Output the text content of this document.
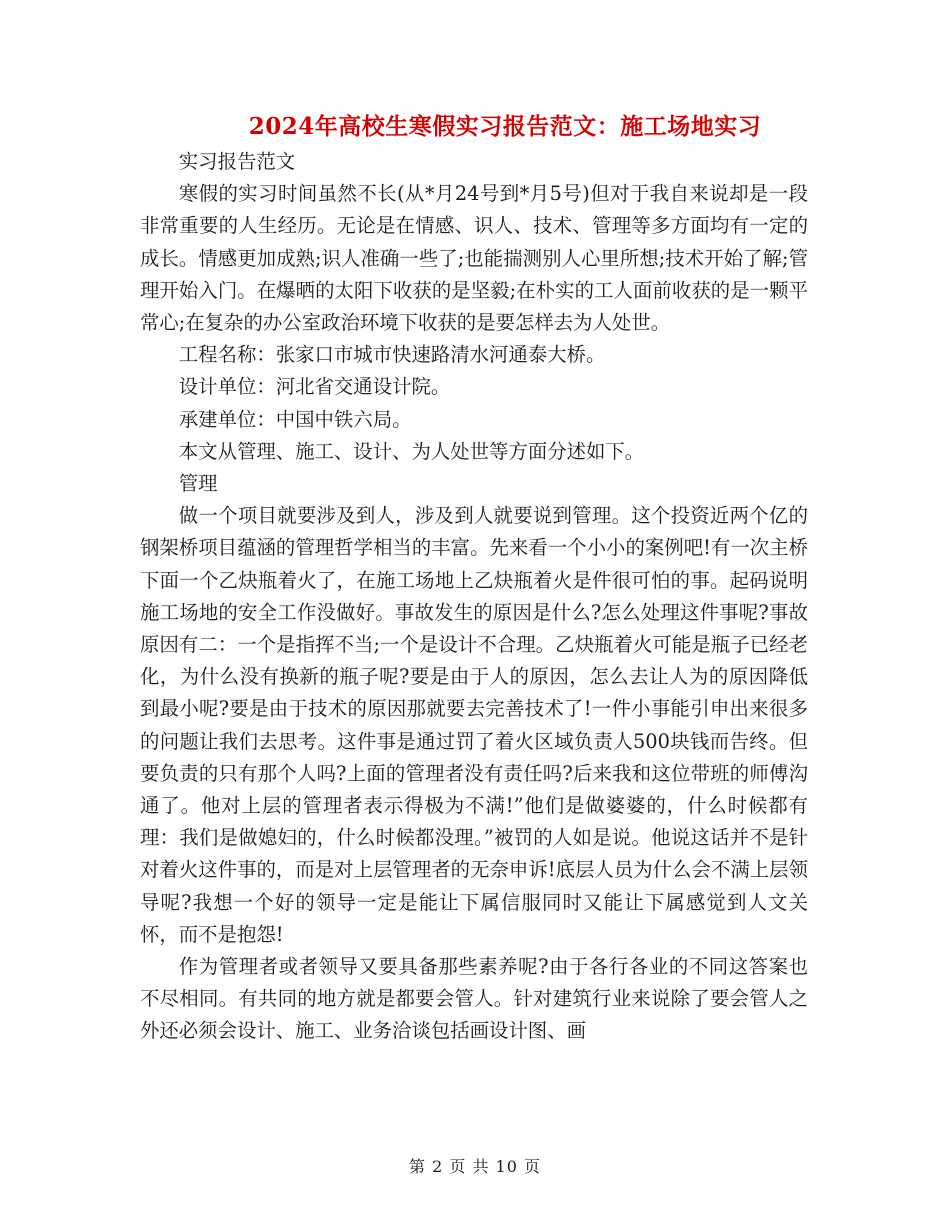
2024年高校生寒假实习报告范文：施工场地实习

实习报告范文

寒假的实习时间虽然不长(从*月24号到*月5号)但对于我自来说却是一段非常重要的人生经历。无论是在情感、识人、技术、管理等多方面均有一定的成长。情感更加成熟;识人准确一些了;也能揣测别人心里所想;技术开始了解;管理开始入门。在爆晒的太阳下收获的是坚毅;在朴实的工人面前收获的是一颗平常心;在复杂的办公室政治环境下收获的是要怎样去为人处世。

工程名称：张家口市城市快速路清水河通泰大桥。

设计单位：河北省交通设计院。

承建单位：中国中铁六局。

本文从管理、施工、设计、为人处世等方面分述如下。

管理

做一个项目就要涉及到人，涉及到人就要说到管理。这个投资近两个亿的钢架桥项目蕴涵的管理哲学相当的丰富。先来看一个小小的案例吧!有一次主桥下面一个乙炔瓶着火了，在施工场地上乙炔瓶着火是件很可怕的事。起码说明施工场地的安全工作没做好。事故发生的原因是什么?怎么处理这件事呢?事故原因有二：一个是指挥不当;一个是设计不合理。乙炔瓶着火可能是瓶子已经老化，为什么没有换新的瓶子呢?要是由于人的原因，怎么去让人为的原因降低到最小呢?要是由于技术的原因那就要去完善技术了!一件小事能引申出来很多的问题让我们去思考。这件事是通过罚了着火区域负责人500块钱而告终。但要负责的只有那个人吗?上面的管理者没有责任吗?后来我和这位带班的师傅沟通了。他对上层的管理者表示得极为不满!”他们是做婆婆的，什么时候都有理：我们是做媳妇的，什么时候都没理。”被罚的人如是说。他说这话并不是针对着火这件事的，而是对上层管理者的无奈申诉!底层人员为什么会不满上层领导呢?我想一个好的领导一定是能让下属信服同时又能让下属感觉到人文关怀，而不是抱怨!

作为管理者或者领导又要具备那些素养呢?由于各行各业的不同这答案也不尽相同。有共同的地方就是都要会管人。针对建筑行业来说除了要会管人之外还必须会设计、施工、业务洽谈包括画设计图、画

第 2 页 共 10 页
